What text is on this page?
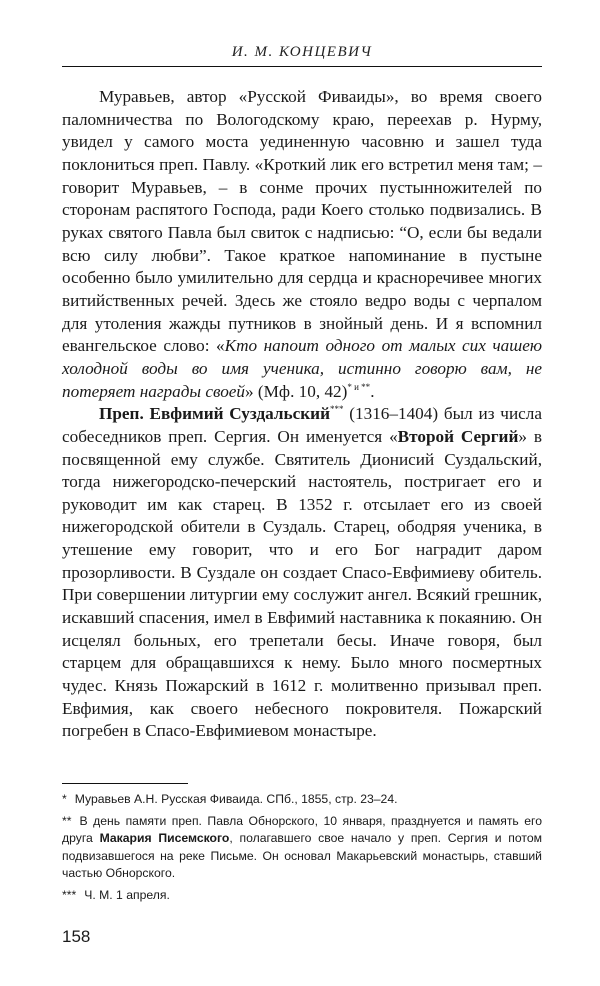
И. М. КОНЦЕВИЧ

Муравьев, автор «Русской Фиваиды», во время своего паломничества по Вологодскому краю, переехав р. Нурму, увидел у самого моста уединенную часовню и зашел туда поклониться преп. Павлу. «Кроткий лик его встретил меня там; – говорит Муравьев, – в сонме прочих пустынножителей по сторонам распятого Господа, ради Коего столько подвизались. В руках святого Павла был свиток с надписью: “О, если бы ведали всю силу любви”. Такое краткое напоминание в пустыне особенно было умилительно для сердца и красноречивее многих витийственных речей. Здесь же стояло ведро воды с черпалом для утоления жажды путников в знойный день. И я вспомнил евангельское слово: «Кто напоит одного от малых сих чашею холодной воды во имя ученика, истинно говорю вам, не потеряет награды своей» (Мф. 10, 42)$^{* и **}$.

Преп. Евфимий Суздальский*** (1316–1404) был из числа собеседников преп. Сергия. Он именуется «Второй Сергий» в посвященной ему службе. Святитель Дионисий Суздальский, тогда нижегородско-печерский настоятель, постригает его и руководит им как старец. В 1352 г. отсылает его из своей нижегородской обители в Суздаль. Старец, ободряя ученика, в утешение ему говорит, что и его Бог наградит даром прозорливости. В Суздале он создает Спасо-Евфимиеву обитель. При совершении литургии ему сослужит ангел. Всякий грешник, искавший спасения, имел в Евфимий наставника к покаянию. Он исцелял больных, его трепетали бесы. Иначе говоря, был старцем для обращавшихся к нему. Было много посмертных чудес. Князь Пожарский в 1612 г. молитвенно призывал преп. Евфимия, как своего небесного покровителя. Пожарский погребен в Спасо-Евфимиевом монастыре.

* Муравьев А.Н. Русская Фиваида. СПб., 1855, стр. 23–24.

** В день памяти преп. Павла Обнорского, 10 января, празднуется и память его друга Макария Писемского, полагавшего свое начало у преп. Сергия и потом подвизавшегося на реке Письме. Он основал Макарьевский монастырь, ставший частью Обнорского.

*** Ч. М. 1 апреля.

158
